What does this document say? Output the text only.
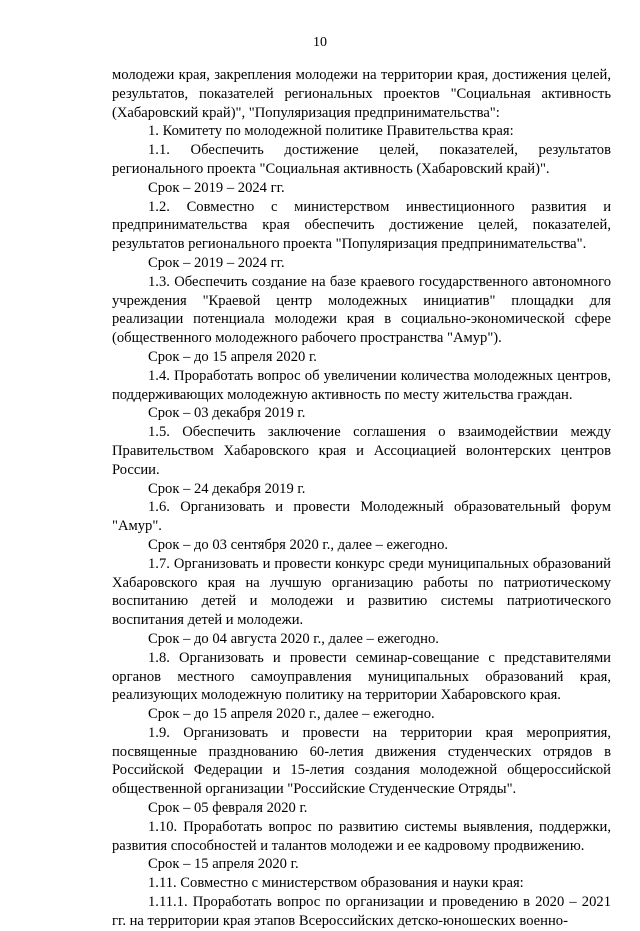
10
молодежи края, закрепления молодежи на территории края, достижения целей, результатов, показателей региональных проектов "Социальная активность (Хабаровский край)", "Популяризация предпринимательства":
1. Комитету по молодежной политике Правительства края:
1.1. Обеспечить достижение целей, показателей, результатов регионального проекта "Социальная активность (Хабаровский край)".
Срок – 2019 – 2024 гг.
1.2. Совместно с министерством инвестиционного развития и предпринимательства края обеспечить достижение целей, показателей, результатов регионального проекта "Популяризация предпринимательства".
Срок – 2019 – 2024 гг.
1.3. Обеспечить создание на базе краевого государственного автономного учреждения "Краевой центр молодежных инициатив" площадки для реализации потенциала молодежи края в социально-экономической сфере (общественного молодежного рабочего пространства "Амур").
Срок – до 15 апреля 2020 г.
1.4. Проработать вопрос об увеличении количества молодежных центров, поддерживающих молодежную активность по месту жительства граждан.
Срок – 03 декабря 2019 г.
1.5. Обеспечить заключение соглашения о взаимодействии между Правительством Хабаровского края и Ассоциацией волонтерских центров России.
Срок – 24 декабря 2019 г.
1.6. Организовать и провести Молодежный образовательный форум "Амур".
Срок – до 03 сентября 2020 г., далее – ежегодно.
1.7. Организовать и провести конкурс среди муниципальных образований Хабаровского края на лучшую организацию работы по патриотическому воспитанию детей и молодежи и развитию системы патриотического воспитания детей и молодежи.
Срок – до 04 августа 2020 г., далее – ежегодно.
1.8. Организовать и провести семинар-совещание с представителями органов местного самоуправления муниципальных образований края, реализующих молодежную политику на территории Хабаровского края.
Срок – до 15 апреля 2020 г., далее – ежегодно.
1.9. Организовать и провести на территории края мероприятия, посвященные празднованию 60-летия движения студенческих отрядов в Российской Федерации и 15-летия создания молодежной общероссийской общественной организации "Российские Студенческие Отряды".
Срок – 05 февраля 2020 г.
1.10. Проработать вопрос по развитию системы выявления, поддержки, развития способностей и талантов молодежи и ее кадровому продвижению.
Срок – 15 апреля 2020 г.
1.11. Совместно с министерством образования и науки края:
1.11.1. Проработать вопрос по организации и проведению в 2020 – 2021 гг. на территории края этапов Всероссийских детско-юношеских военно-
